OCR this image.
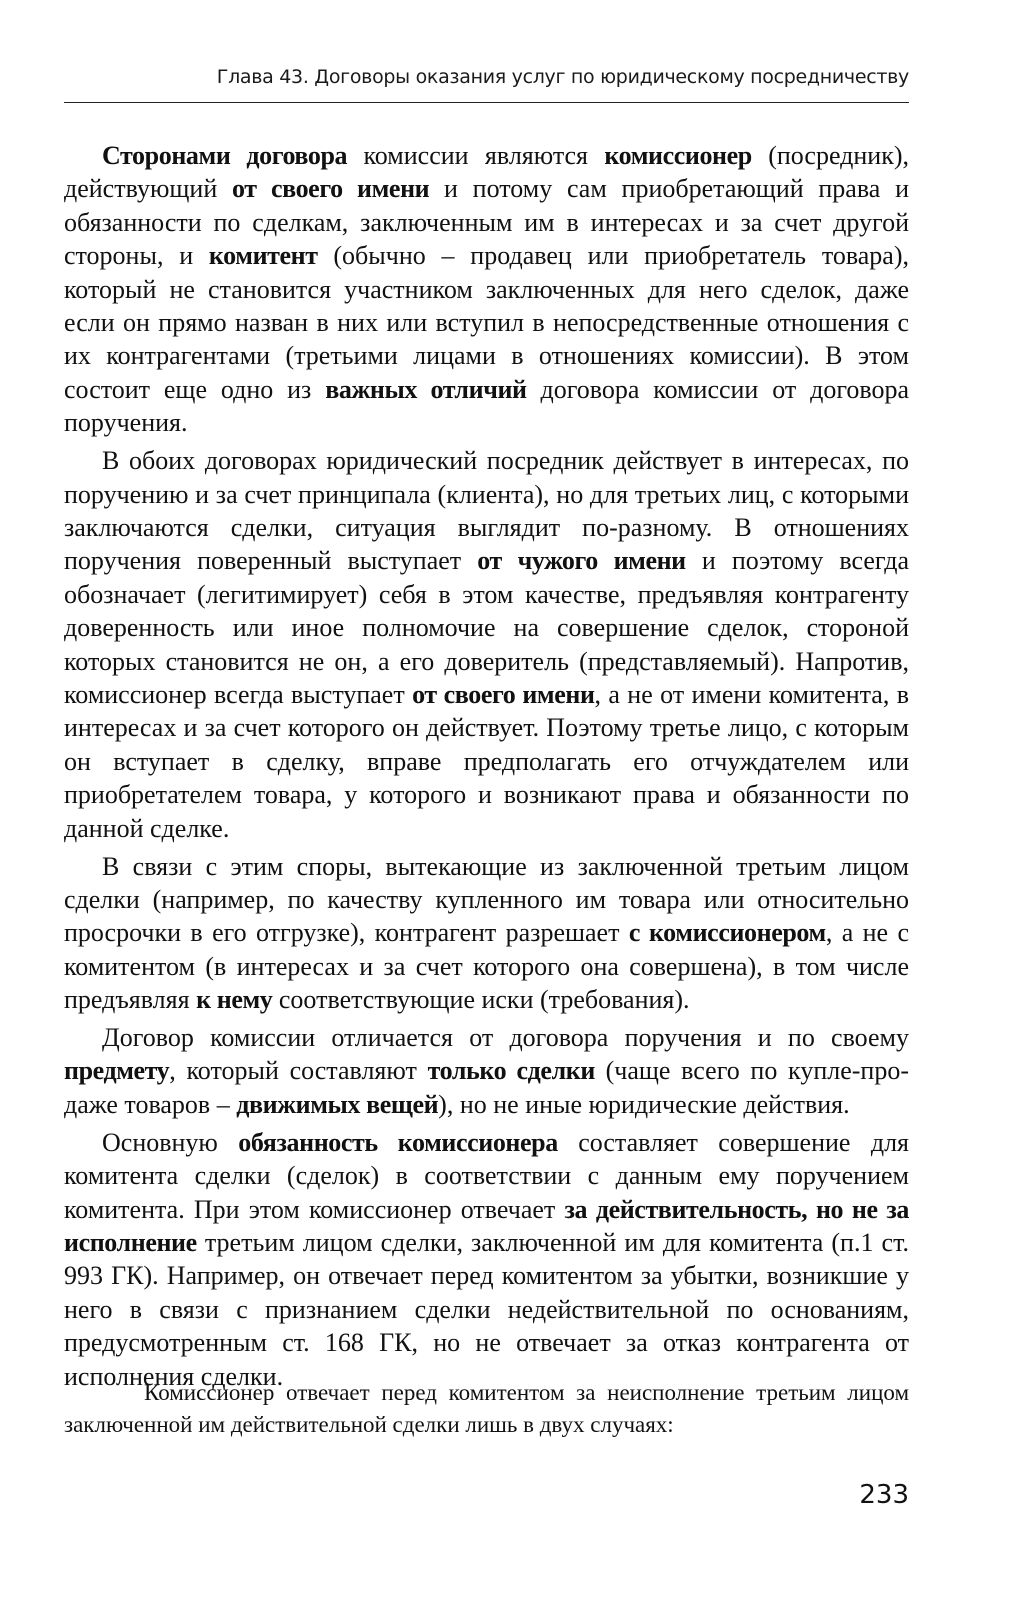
Глава 43. Договоры оказания услуг по юридическому посредничеству

Сторонами договора комиссии являются комиссионер (посредник), действующий от своего имени и потому сам приобретающий права и обязанности по сделкам, заключенным им в интересах и за счет другой стороны, и комитент (обычно – продавец или приобретатель товара), который не становится участником заключенных для него сделок, даже если он прямо назван в них или вступил в непосредственные отношения с их контрагентами (третьими лицами в отношениях комиссии). В этом состоит еще одно из важных отличий договора комиссии от договора поручения.

В обоих договорах юридический посредник действует в интересах, по поручению и за счет принципала (клиента), но для третьих лиц, с которыми заключаются сделки, ситуация выглядит по-разному. В отношениях поручения поверенный выступает от чужого имени и поэтому всегда обозначает (легитимирует) себя в этом качестве, предъявляя контрагенту доверенность или иное полномочие на совершение сделок, стороной которых становится не он, а его доверитель (представляемый). Напротив, комиссионер всегда выступает от своего имени, а не от имени комитента, в интересах и за счет которого он действует. Поэтому третье лицо, с которым он вступает в сделку, вправе предполагать его отчуждателем или приобретателем товара, у которого и возникают права и обязанности по данной сделке.

В связи с этим споры, вытекающие из заключенной третьим лицом сделки (например, по качеству купленного им товара или относительно просрочки в его отгрузке), контрагент разрешает с комиссионером, а не с комитентом (в интересах и за счет которого она совершена), в том числе предъявляя к нему соответствующие иски (требования).

Договор комиссии отличается от договора поручения и по своему предмету, который составляют только сделки (чаще всего по купле-продаже товаров – движимых вещей), но не иные юридические действия.

Основную обязанность комиссионера составляет совершение для комитента сделки (сделок) в соответствии с данным ему поручением комитента. При этом комиссионер отвечает за действительность, но не за исполнение третьим лицом сделки, заключенной им для комитента (п.1 ст. 993 ГК). Например, он отвечает перед комитентом за убытки, возникшие у него в связи с признанием сделки недействительной по основаниям, предусмотренным ст. 168 ГК, но не отвечает за отказ контрагента от исполнения сделки.

Комиссионер отвечает перед комитентом за неисполнение третьим лицом заключенной им действительной сделки лишь в двух случаях:

233
